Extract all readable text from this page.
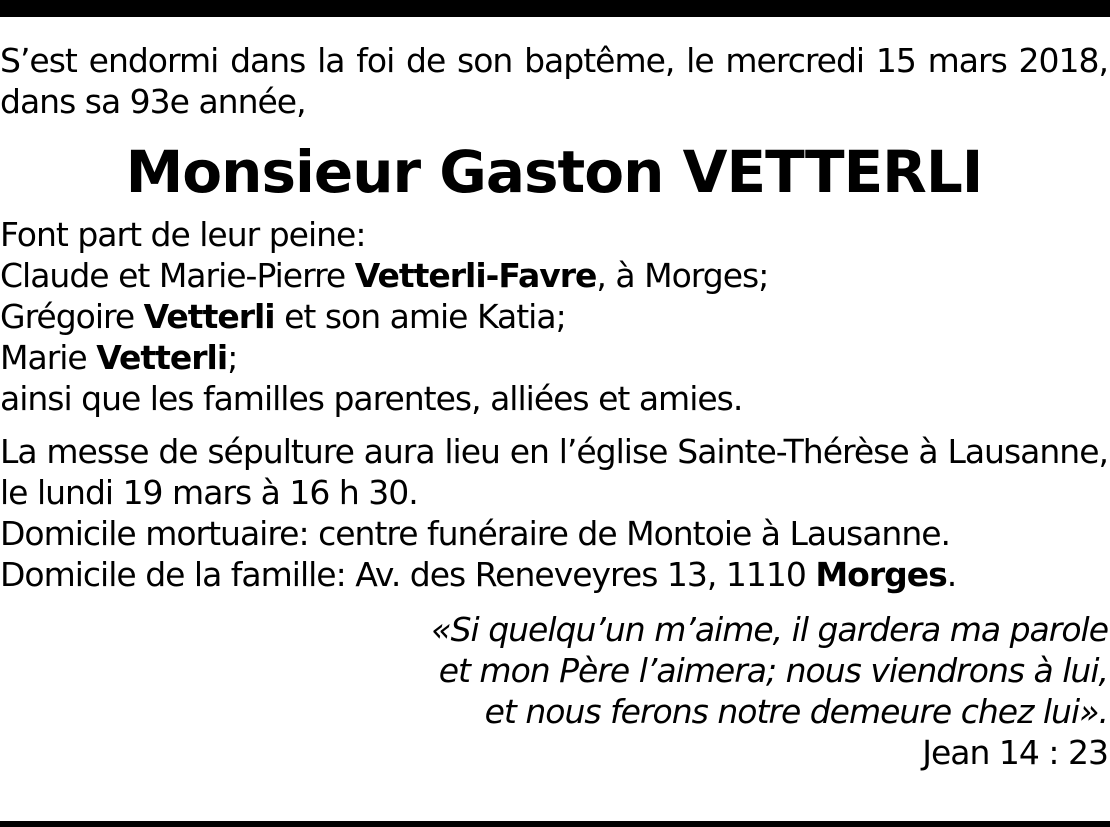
S’est endormi dans la foi de son baptême, le mercredi 15 mars 2018,
dans sa 93e année,
Monsieur Gaston VETTERLI
Font part de leur peine:
Claude et Marie-Pierre Vetterli-Favre, à Morges;
Grégoire Vetterli et son amie Katia;
Marie Vetterli;
ainsi que les familles parentes, alliées et amies.
La messe de sépulture aura lieu en l’église Sainte-Thérèse à Lausanne,
le lundi 19 mars à 16 h 30.
Domicile mortuaire: centre funéraire de Montoie à Lausanne.
Domicile de la famille: Av. des Reneveyres 13, 1110 Morges.
«Si quelqu’un m’aime, il gardera ma parole
et mon Père l’aimera; nous viendrons à lui,
et nous ferons notre demeure chez lui».
Jean 14 : 23
